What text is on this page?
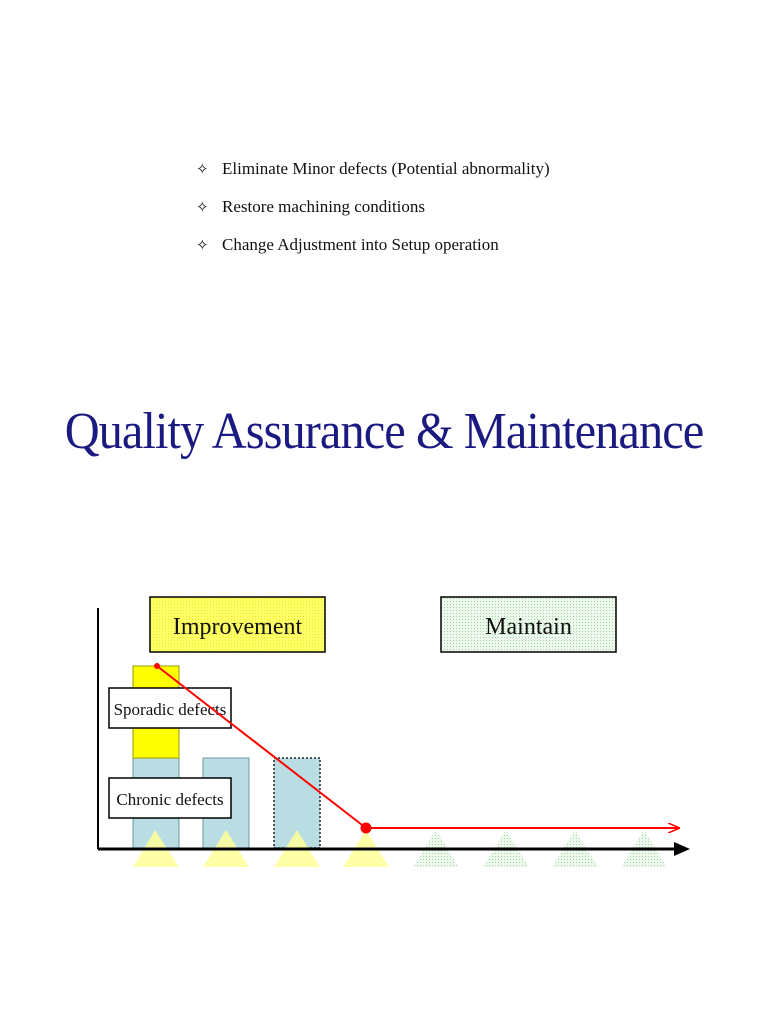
✧ Eliminate Minor defects (Potential abnormality)
✧ Restore machining conditions
✧ Change Adjustment into Setup operation
Quality Assurance & Maintenance
Improvement	Maintain
Sporadic defects
Chronic defects
